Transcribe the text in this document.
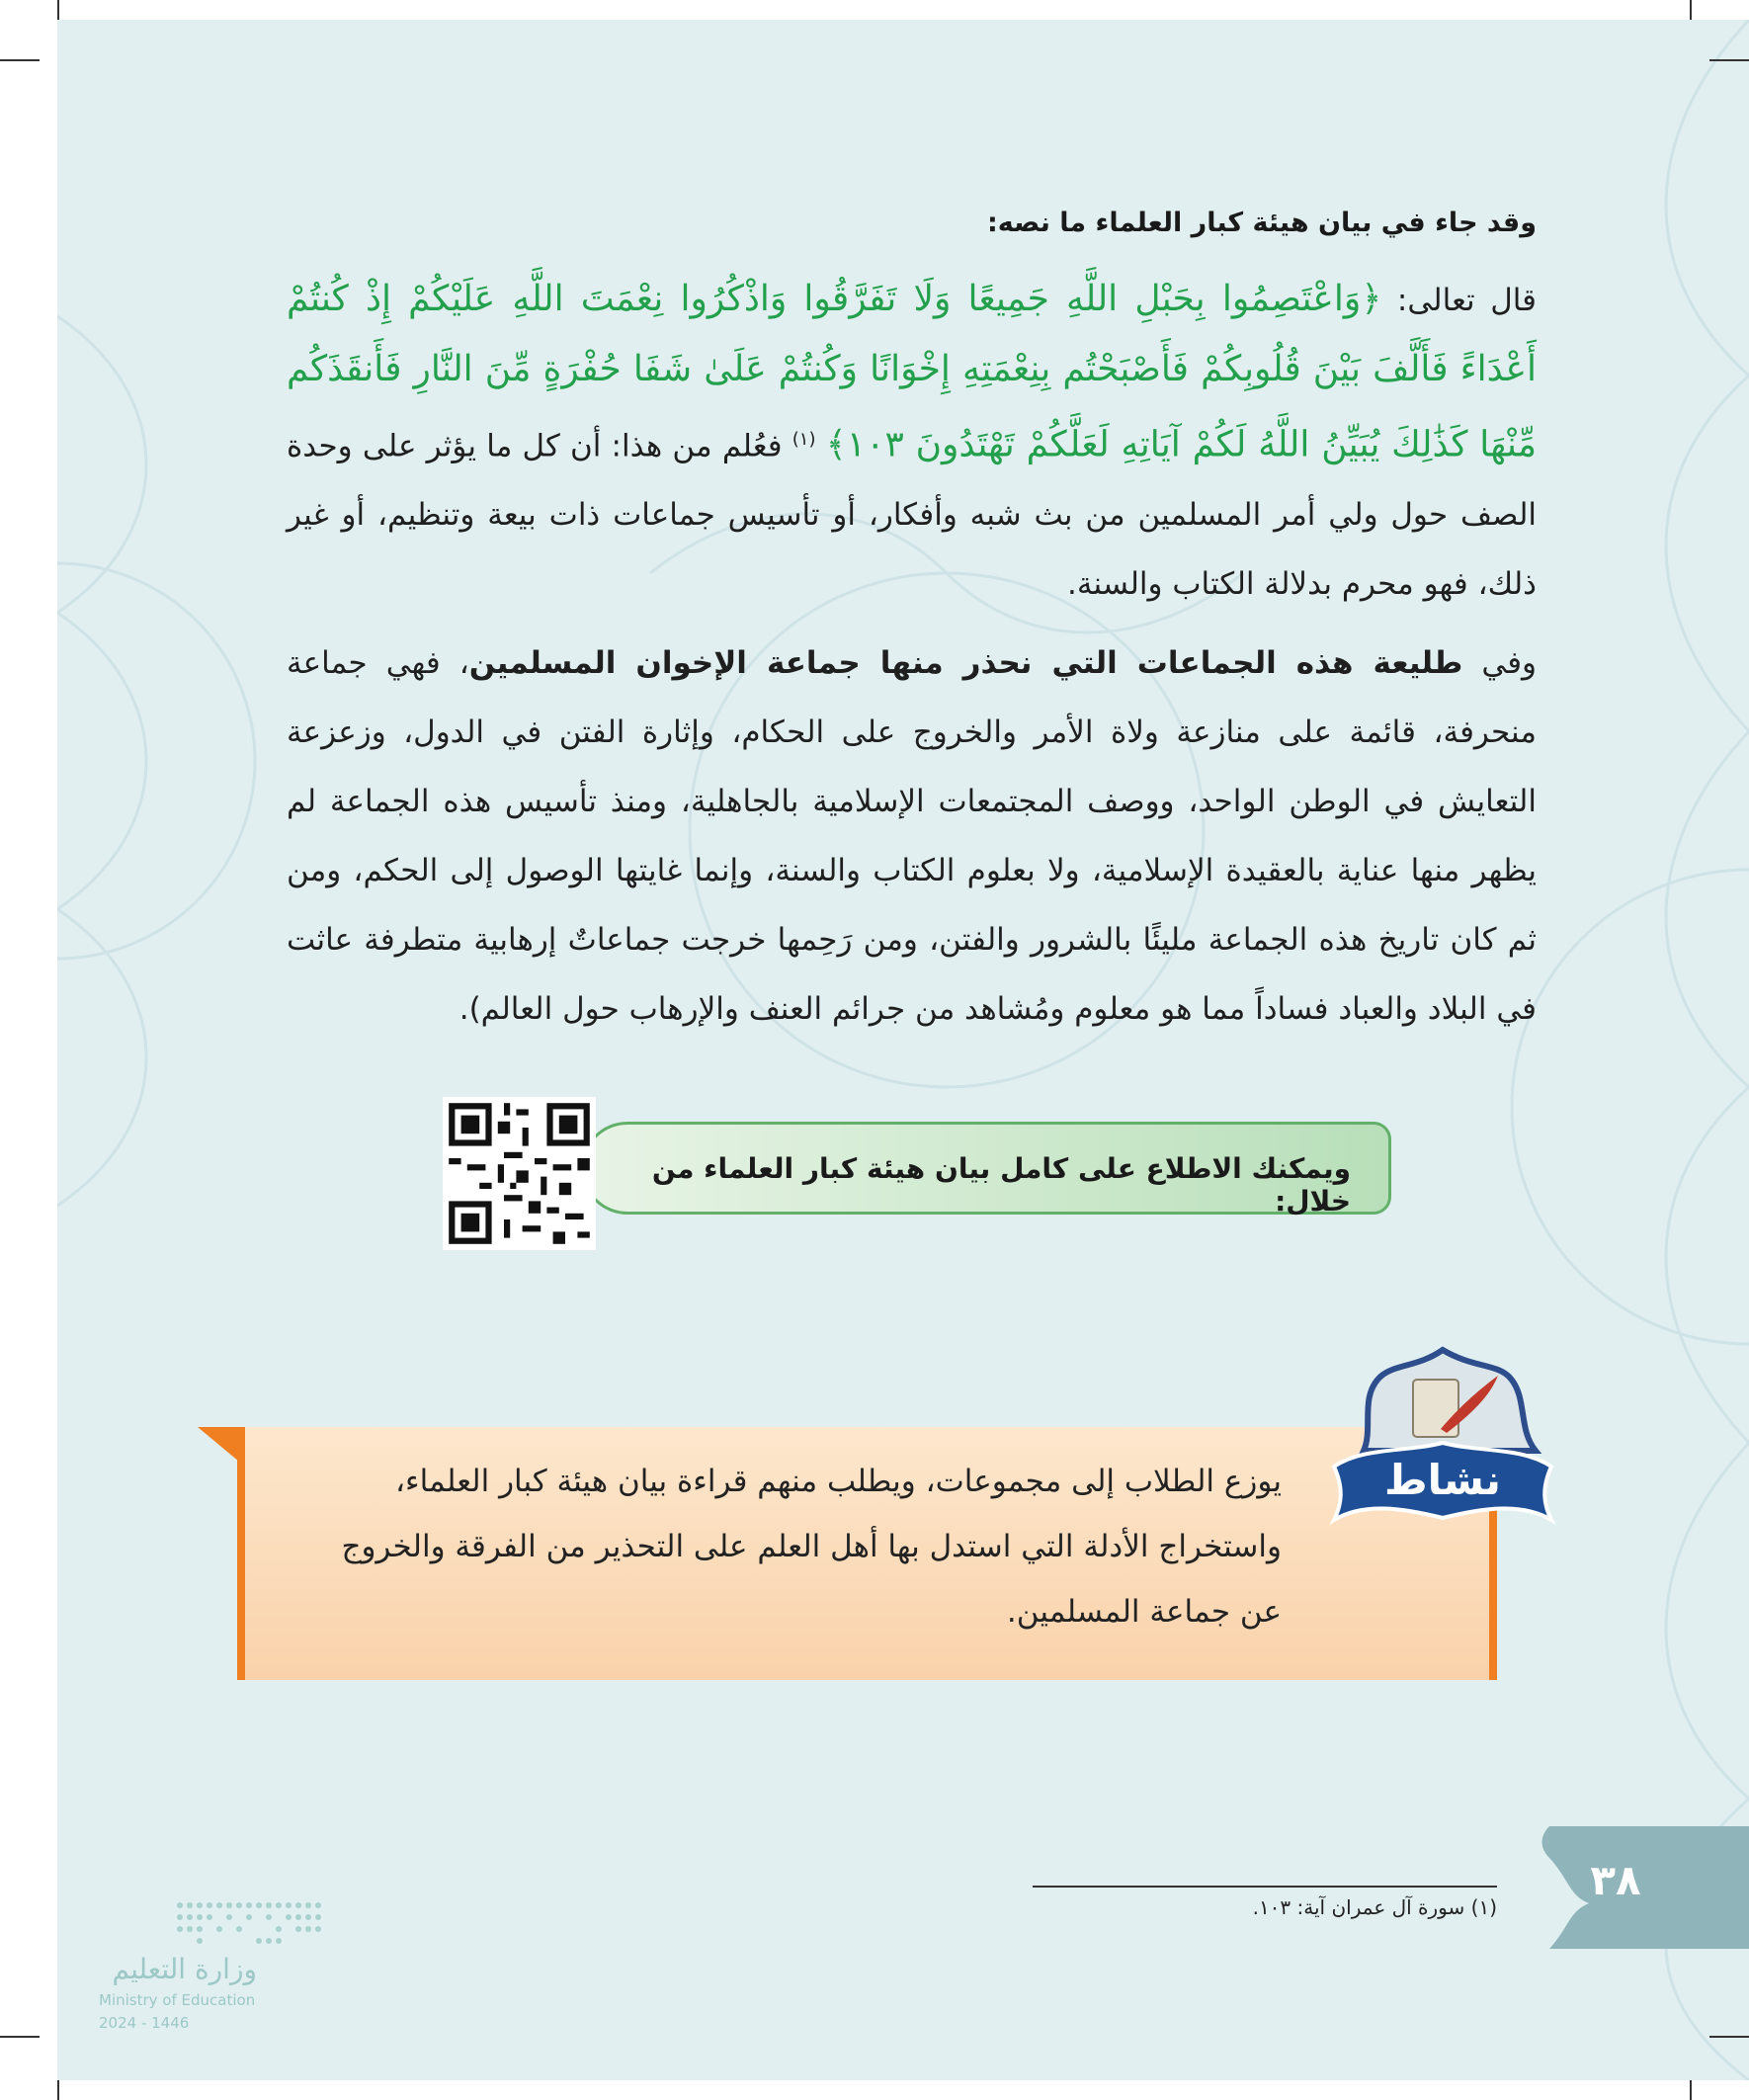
وقد جاء في بيان هيئة كبار العلماء ما نصه:
قال تعالى: ﴿وَاعْتَصِمُوا بِحَبْلِ اللَّهِ جَمِيعًا وَلَا تَفَرَّقُوا وَاذْكُرُوا نِعْمَتَ اللَّهِ عَلَيْكُمْ إِذْ كُنتُمْ أَعْدَاءً فَأَلَّفَ بَيْنَ قُلُوبِكُمْ فَأَصْبَحْتُم بِنِعْمَتِهِ إِخْوَانًا وَكُنتُمْ عَلَىٰ شَفَا حُفْرَةٍ مِّنَ النَّارِ فَأَنقَذَكُم مِّنْهَا كَذَٰلِكَ يُبَيِّنُ اللَّهُ لَكُمْ آيَاتِهِ لَعَلَّكُمْ تَهْتَدُونَ ١٠٣﴾ $^{(١)}$ فعُلم من هذا: أن كل ما يؤثر على وحدة الصف حول ولي أمر المسلمين من بث شبه وأفكار، أو تأسيس جماعات ذات بيعة وتنظيم، أو غير ذلك، فهو محرم بدلالة الكتاب والسنة.
وفي طليعة هذه الجماعات التي نحذر منها جماعة الإخوان المسلمين، فهي جماعة منحرفة، قائمة على منازعة ولاة الأمر والخروج على الحكام، وإثارة الفتن في الدول، وزعزعة التعايش في الوطن الواحد، ووصف المجتمعات الإسلامية بالجاهلية، ومنذ تأسيس هذه الجماعة لم يظهر منها عناية بالعقيدة الإسلامية، ولا بعلوم الكتاب والسنة، وإنما غايتها الوصول إلى الحكم، ومن ثم كان تاريخ هذه الجماعة مليئًا بالشرور والفتن، ومن رَحِمها خرجت جماعاتٌ إرهابية متطرفة عاثت في البلاد والعباد فساداً مما هو معلوم ومُشاهد من جرائم العنف والإرهاب حول العالم).
ويمكنك الاطلاع على كامل بيان هيئة كبار العلماء من خلال:
يوزع الطلاب إلى مجموعات، ويطلب منهم قراءة بيان هيئة كبار العلماء، واستخراج الأدلة التي استدل بها أهل العلم على التحذير من الفرقة والخروج عن جماعة المسلمين.
نشاط
(١) سورة آل عمران آية: ١٠٣.
٣٨
وزارة التعليم
Ministry of Education
2024 - 1446
